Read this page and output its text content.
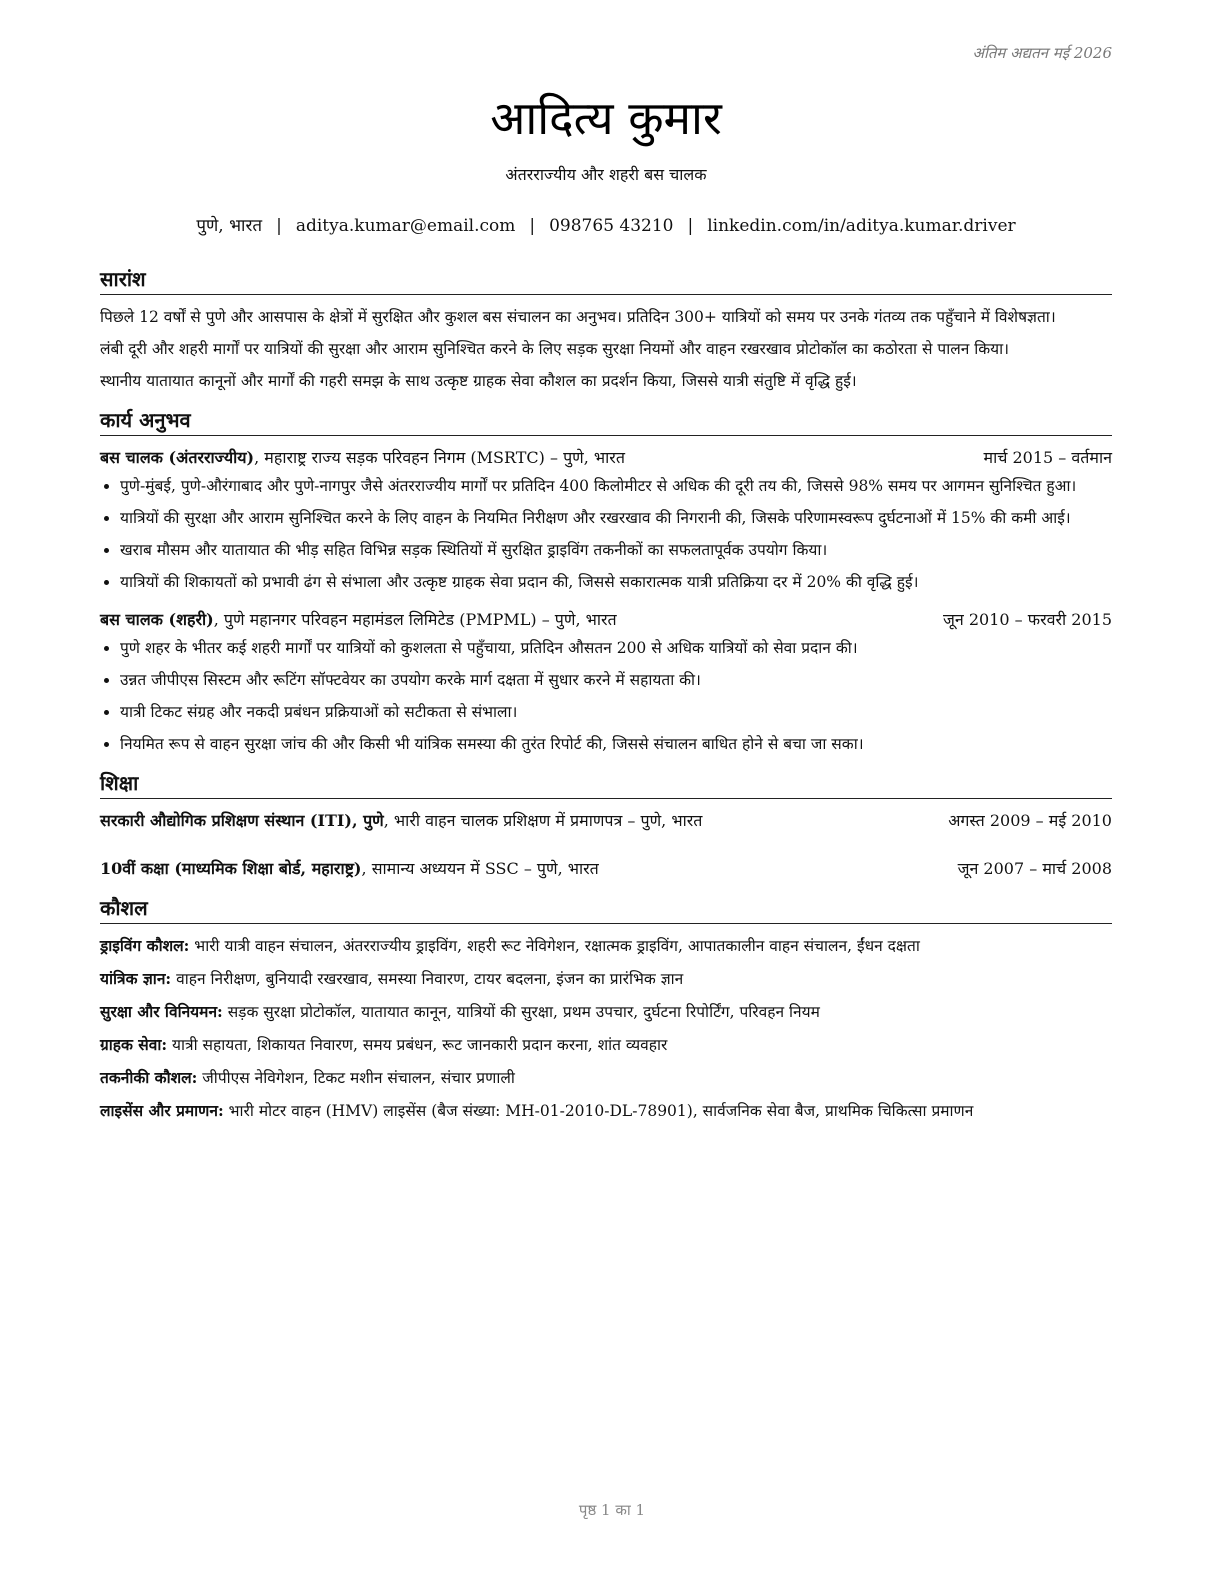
अंतिम अद्यतन मई 2026
आदित्य कुमार
अंतरराज्यीय और शहरी बस चालक
पुणे, भारत | aditya.kumar@email.com | 098765 43210 | linkedin.com/in/aditya.kumar.driver
सारांश

पिछले 12 वर्षों से पुणे और आसपास के क्षेत्रों में सुरक्षित और कुशल बस संचालन का अनुभव। प्रतिदिन 300+ यात्रियों को समय पर उनके गंतव्य तक पहुँचाने में विशेषज्ञता।

लंबी दूरी और शहरी मार्गों पर यात्रियों की सुरक्षा और आराम सुनिश्चित करने के लिए सड़क सुरक्षा नियमों और वाहन रखरखाव प्रोटोकॉल का कठोरता से पालन किया।

स्थानीय यातायात कानूनों और मार्गों की गहरी समझ के साथ उत्कृष्ट ग्राहक सेवा कौशल का प्रदर्शन किया, जिससे यात्री संतुष्टि में वृद्धि हुई।

कार्य अनुभव
बस चालक (अंतरराज्यीय), महाराष्ट्र राज्य सड़क परिवहन निगम (MSRTC) – पुणे, भारत	मार्च 2015 – वर्तमान
• पुणे-मुंबई, पुणे-औरंगाबाद और पुणे-नागपुर जैसे अंतरराज्यीय मार्गों पर प्रतिदिन 400 किलोमीटर से अधिक की दूरी तय की, जिससे 98% समय पर आगमन सुनिश्चित हुआ।
• यात्रियों की सुरक्षा और आराम सुनिश्चित करने के लिए वाहन के नियमित निरीक्षण और रखरखाव की निगरानी की, जिसके परिणामस्वरूप दुर्घटनाओं में 15% की कमी आई।
• खराब मौसम और यातायात की भीड़ सहित विभिन्न सड़क स्थितियों में सुरक्षित ड्राइविंग तकनीकों का सफलतापूर्वक उपयोग किया।
• यात्रियों की शिकायतों को प्रभावी ढंग से संभाला और उत्कृष्ट ग्राहक सेवा प्रदान की, जिससे सकारात्मक यात्री प्रतिक्रिया दर में 20% की वृद्धि हुई।
बस चालक (शहरी), पुणे महानगर परिवहन महामंडल लिमिटेड (PMPML) – पुणे, भारत	जून 2010 – फरवरी 2015
• पुणे शहर के भीतर कई शहरी मार्गों पर यात्रियों को कुशलता से पहुँचाया, प्रतिदिन औसतन 200 से अधिक यात्रियों को सेवा प्रदान की।
• उन्नत जीपीएस सिस्टम और रूटिंग सॉफ्टवेयर का उपयोग करके मार्ग दक्षता में सुधार करने में सहायता की।
• यात्री टिकट संग्रह और नकदी प्रबंधन प्रक्रियाओं को सटीकता से संभाला।
• नियमित रूप से वाहन सुरक्षा जांच की और किसी भी यांत्रिक समस्या की तुरंत रिपोर्ट की, जिससे संचालन बाधित होने से बचा जा सका।
शिक्षा
सरकारी औद्योगिक प्रशिक्षण संस्थान (ITI), पुणे, भारी वाहन चालक प्रशिक्षण में प्रमाणपत्र – पुणे, भारत	अगस्त 2009 – मई 2010
10वीं कक्षा (माध्यमिक शिक्षा बोर्ड, महाराष्ट्र), सामान्य अध्ययन में SSC – पुणे, भारत	जून 2007 – मार्च 2008
कौशल
ड्राइविंग कौशल: भारी यात्री वाहन संचालन, अंतरराज्यीय ड्राइविंग, शहरी रूट नेविगेशन, रक्षात्मक ड्राइविंग, आपातकालीन वाहन संचालन, ईंधन दक्षता
यांत्रिक ज्ञान: वाहन निरीक्षण, बुनियादी रखरखाव, समस्या निवारण, टायर बदलना, इंजन का प्रारंभिक ज्ञान
सुरक्षा और विनियमन: सड़क सुरक्षा प्रोटोकॉल, यातायात कानून, यात्रियों की सुरक्षा, प्रथम उपचार, दुर्घटना रिपोर्टिंग, परिवहन नियम
ग्राहक सेवा: यात्री सहायता, शिकायत निवारण, समय प्रबंधन, रूट जानकारी प्रदान करना, शांत व्यवहार
तकनीकी कौशल: जीपीएस नेविगेशन, टिकट मशीन संचालन, संचार प्रणाली
लाइसेंस और प्रमाणन: भारी मोटर वाहन (HMV) लाइसेंस (बैज संख्या: MH-01-2010-DL-78901), सार्वजनिक सेवा बैज, प्राथमिक चिकित्सा प्रमाणन
पृष्ठ 1 का 1
